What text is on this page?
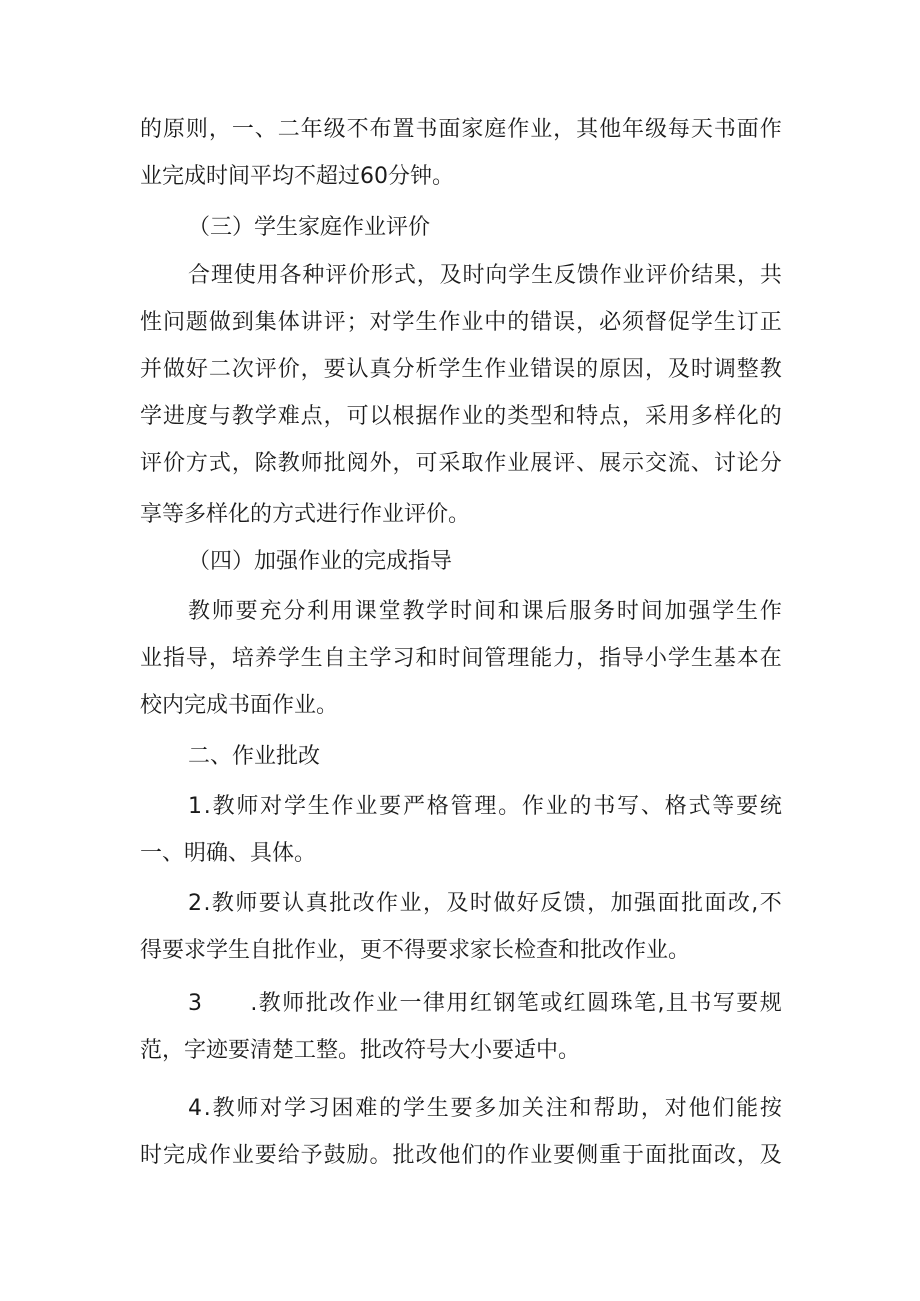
的 原 则 ， 一 、 二 年 级 不 布 置 书 面 家 庭 作 业 ， 其 他 年 级 每 天 书 面 作
业完成时间平均不超过60分钟。
（三）学生家庭作业评价
合 理 使 用 各 种 评 价 形 式 ， 及 时 向 学 生 反 馈 作 业 评 价 结 果 ， 共
性 问 题 做 到 集 体 讲 评 ； 对 学 生 作 业 中 的 错 误 ， 必 须 督 促 学 生 订 正
并 做 好 二 次 评 价 ， 要 认 真 分 析 学 生 作 业 错 误 的 原 因 ， 及 时 调 整 教
学 进 度 与 教 学 难 点 ， 可 以 根 据 作 业 的 类 型 和 特 点 ， 采 用 多 样 化 的
评 价 方 式 ， 除 教 师 批 阅 外 ， 可 采 取 作 业 展 评 、 展 示 交 流 、 讨 论 分
享等多样化的方式进行作业评价。
（四）加强作业的完成指导
教 师 要 充 分 利 用 课 堂 教 学 时 间 和 课 后 服 务 时 间 加 强 学 生 作
业 指 导 ， 培 养 学 生 自 主 学 习 和 时 间 管 理 能 力 ， 指 导 小 学 生 基 本 在
校内完成书面作业。
二、作业批改
1 . 教 师 对 学 生 作 业 要 严 格 管 理 。 作 业 的 书 写 、 格 式 等 要 统
一、明确、具体。
2 . 教 师 要 认 真 批 改 作 业 ， 及 时 做 好 反 馈 ， 加 强 面 批 面 改 , 不
得要求学生自批作业，更不得要求家长检查和批改作业。
3

　 . 教 师 批 改 作 业 一 律 用 红 钢 笔 或 红 圆 珠 笔 , 且 书 写 要 规
范，字迹要清楚工整。批改符号大小要适中。
4 . 教 师 对 学 习 困 难 的 学 生 要 多 加 关 注 和 帮 助 ， 对 他 们 能 按
时 完 成 作 业 要 给 予 鼓 励 。 批 改 他 们 的 作 业 要 侧 重 于 面 批 面 改 ， 及
